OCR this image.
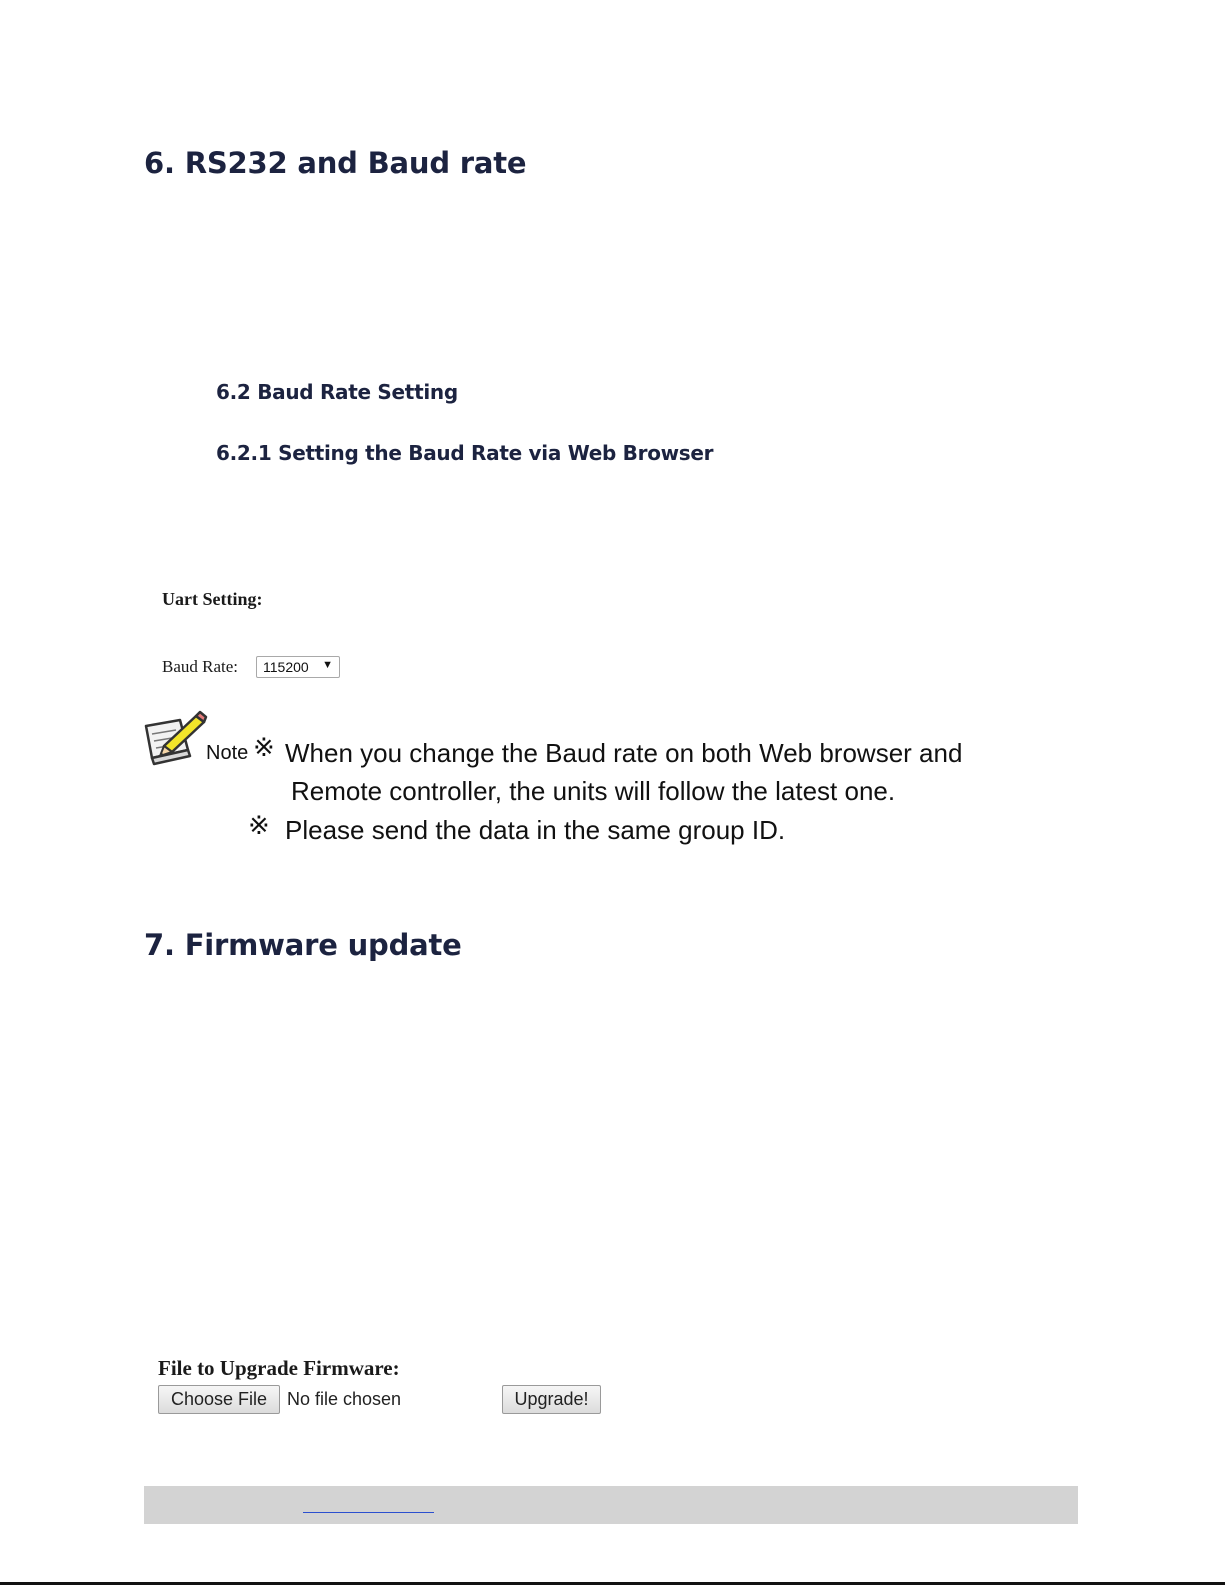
6. RS232 and Baud rate
6.2 Baud Rate Setting
6.2.1 Setting the Baud Rate via Web Browser
Uart Setting:
Baud Rate: 115200 ▼
Note ※ When you change the Baud rate on both Web browser and
Remote controller, the units will follow the latest one.
※ Please send the data in the same group ID.
7. Firmware update
File to Upgrade Firmware:
Choose File	No file chosen	Upgrade!
